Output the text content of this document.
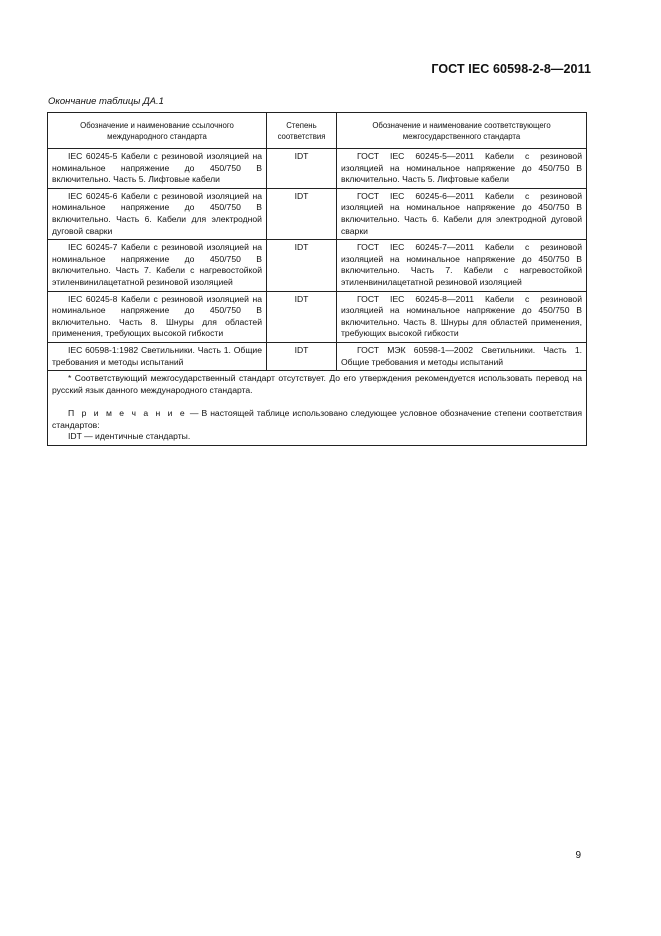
ГОСТ IEC 60598-2-8—2011
Окончание таблицы ДА.1
Обозначение и наименование ссылочного международного стандарта	Степень соответствия	Обозначение и наименование соответствующего межгосударственного стандарта
IEC 60245-5 Кабели с резиновой изоляцией на номинальное напряжение до 450/750 В включительно. Часть 5. Лифтовые кабели	IDT	ГОСТ IEC 60245-5—2011 Кабели с резиновой изоляцией на номинальное напряжение до 450/750 В включительно. Часть 5. Лифтовые кабели
IEC 60245-6 Кабели с резиновой изоляцией на номинальное напряжение до 450/750 В включительно. Часть 6. Кабели для электродной дуговой сварки	IDT	ГОСТ IEC 60245-6—2011 Кабели с резиновой изоляцией на номинальное напряжение до 450/750 В включительно. Часть 6. Кабели для электродной дуговой сварки
IEC 60245-7 Кабели с резиновой изоляцией на номинальное напряжение до 450/750 В включительно. Часть 7. Кабели с нагревостойкой этиленвинилацетатной резиновой изоляцией	IDT	ГОСТ IEC 60245-7—2011 Кабели с резиновой изоляцией на номинальное напряжение до 450/750 В включительно. Часть 7. Кабели с нагревостойкой этиленвинилацетатной резиновой изоляцией
IEC 60245-8 Кабели с резиновой изоляцией на номинальное напряжение до 450/750 В включительно. Часть 8. Шнуры для областей применения, требующих высокой гибкости	IDT	ГОСТ IEC 60245-8—2011 Кабели с резиновой изоляцией на номинальное напряжение до 450/750 В включительно. Часть 8. Шнуры для областей применения, требующих высокой гибкости
IEC 60598-1:1982 Светильники. Часть 1. Общие требования и методы испытаний	IDT	ГОСТ МЭК 60598-1—2002 Светильники. Часть 1. Общие требования и методы испытаний

* Соответствующий межгосударственный стандарт отсутствует. До его утверждения рекомендуется использовать перевод на русский язык данного международного стандарта.

П р и м е ч а н и е — В настоящей таблице использовано следующее условное обозначение степени соответствия стандартов:

IDT — идентичные стандарты.		

9
